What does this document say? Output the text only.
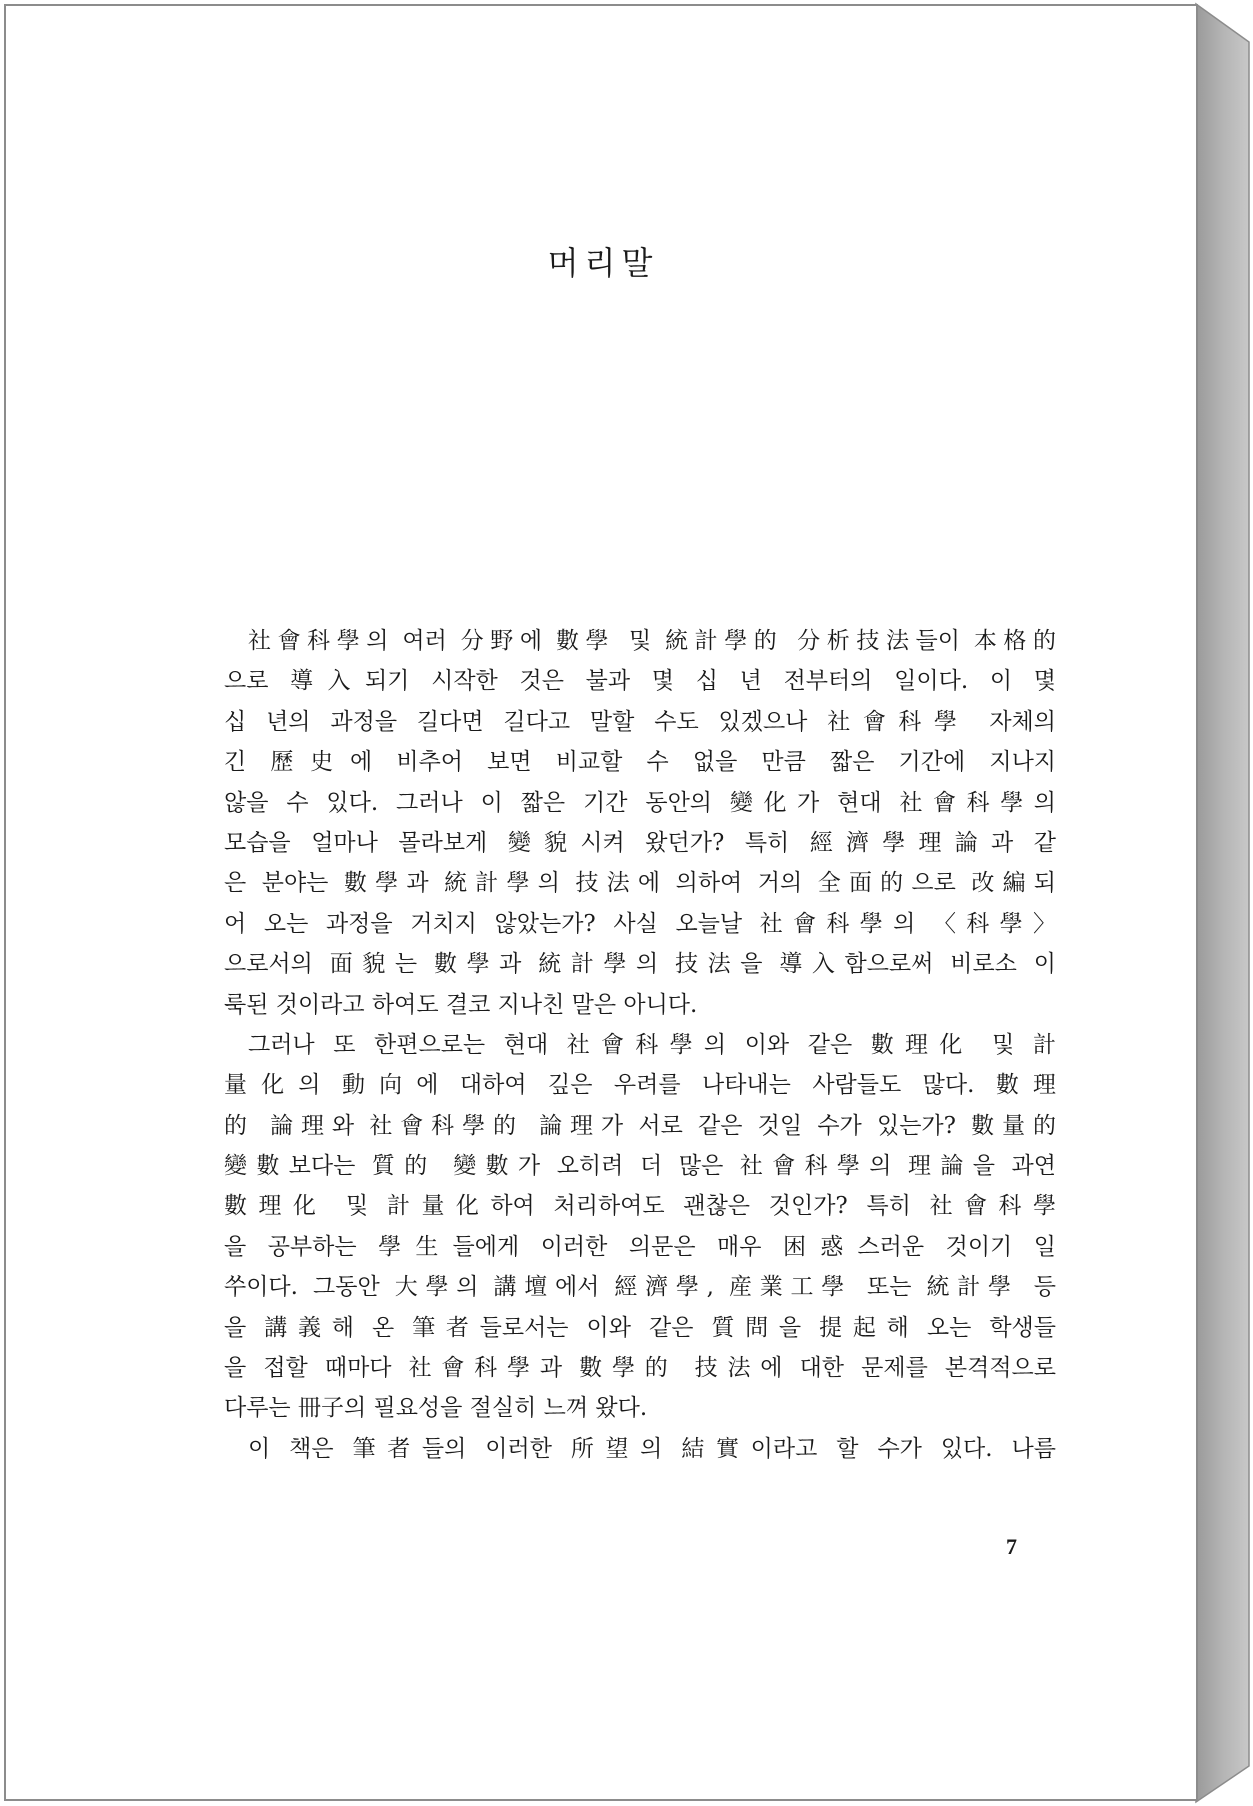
머리말
社會科學의 여러 分野에 數學 및 統計學的 分析技法들이 本格的
으로 導入되기 시작한 것은 불과 몇 십 년 전부터의 일이다. 이 몇
십 년의 과정을 길다면 길다고 말할 수도 있겠으나 社會科學 자체의
긴 歷史에 비추어 보면 비교할 수 없을 만큼 짧은 기간에 지나지
않을 수 있다. 그러나 이 짧은 기간 동안의 變化가 현대 社會科學의
모습을 얼마나 몰라보게 變貌시켜 왔던가? 특히 經濟學理論과 같
은 분야는 數學과 統計學의 技法에 의하여 거의 全面的으로 改編되
어 오는 과정을 거치지 않았는가? 사실 오늘날 社會科學의 〈科學〉
으로서의 面貌는 數學과 統計學의 技法을 導入함으로써 비로소 이
룩된 것이라고 하여도 결코 지나친 말은 아니다.
그러나 또 한편으로는 현대 社會科學의 이와 같은 數理化 및 計
量化의 動向에 대하여 깊은 우려를 나타내는 사람들도 많다. 數理
的 論理와 社會科學的 論理가 서로 같은 것일 수가 있는가? 數量的
變數보다는 質的 變數가 오히려 더 많은 社會科學의 理論을 과연
數理化 및 計量化하여 처리하여도 괜찮은 것인가? 특히 社會科學
을 공부하는 學生들에게 이러한 의문은 매우 困惑스러운 것이기 일
쑤이다. 그동안 大學의 講壇에서 經濟學, 産業工學 또는 統計學 등
을 講義해 온 筆者들로서는 이와 같은 質問을 提起해 오는 학생들
을 접할 때마다 社會科學과 數學的 技法에 대한 문제를 본격적으로
다루는 冊子의 필요성을 절실히 느껴 왔다.
이 책은 筆者들의 이러한 所望의 結實이라고 할 수가 있다. 나름
7
